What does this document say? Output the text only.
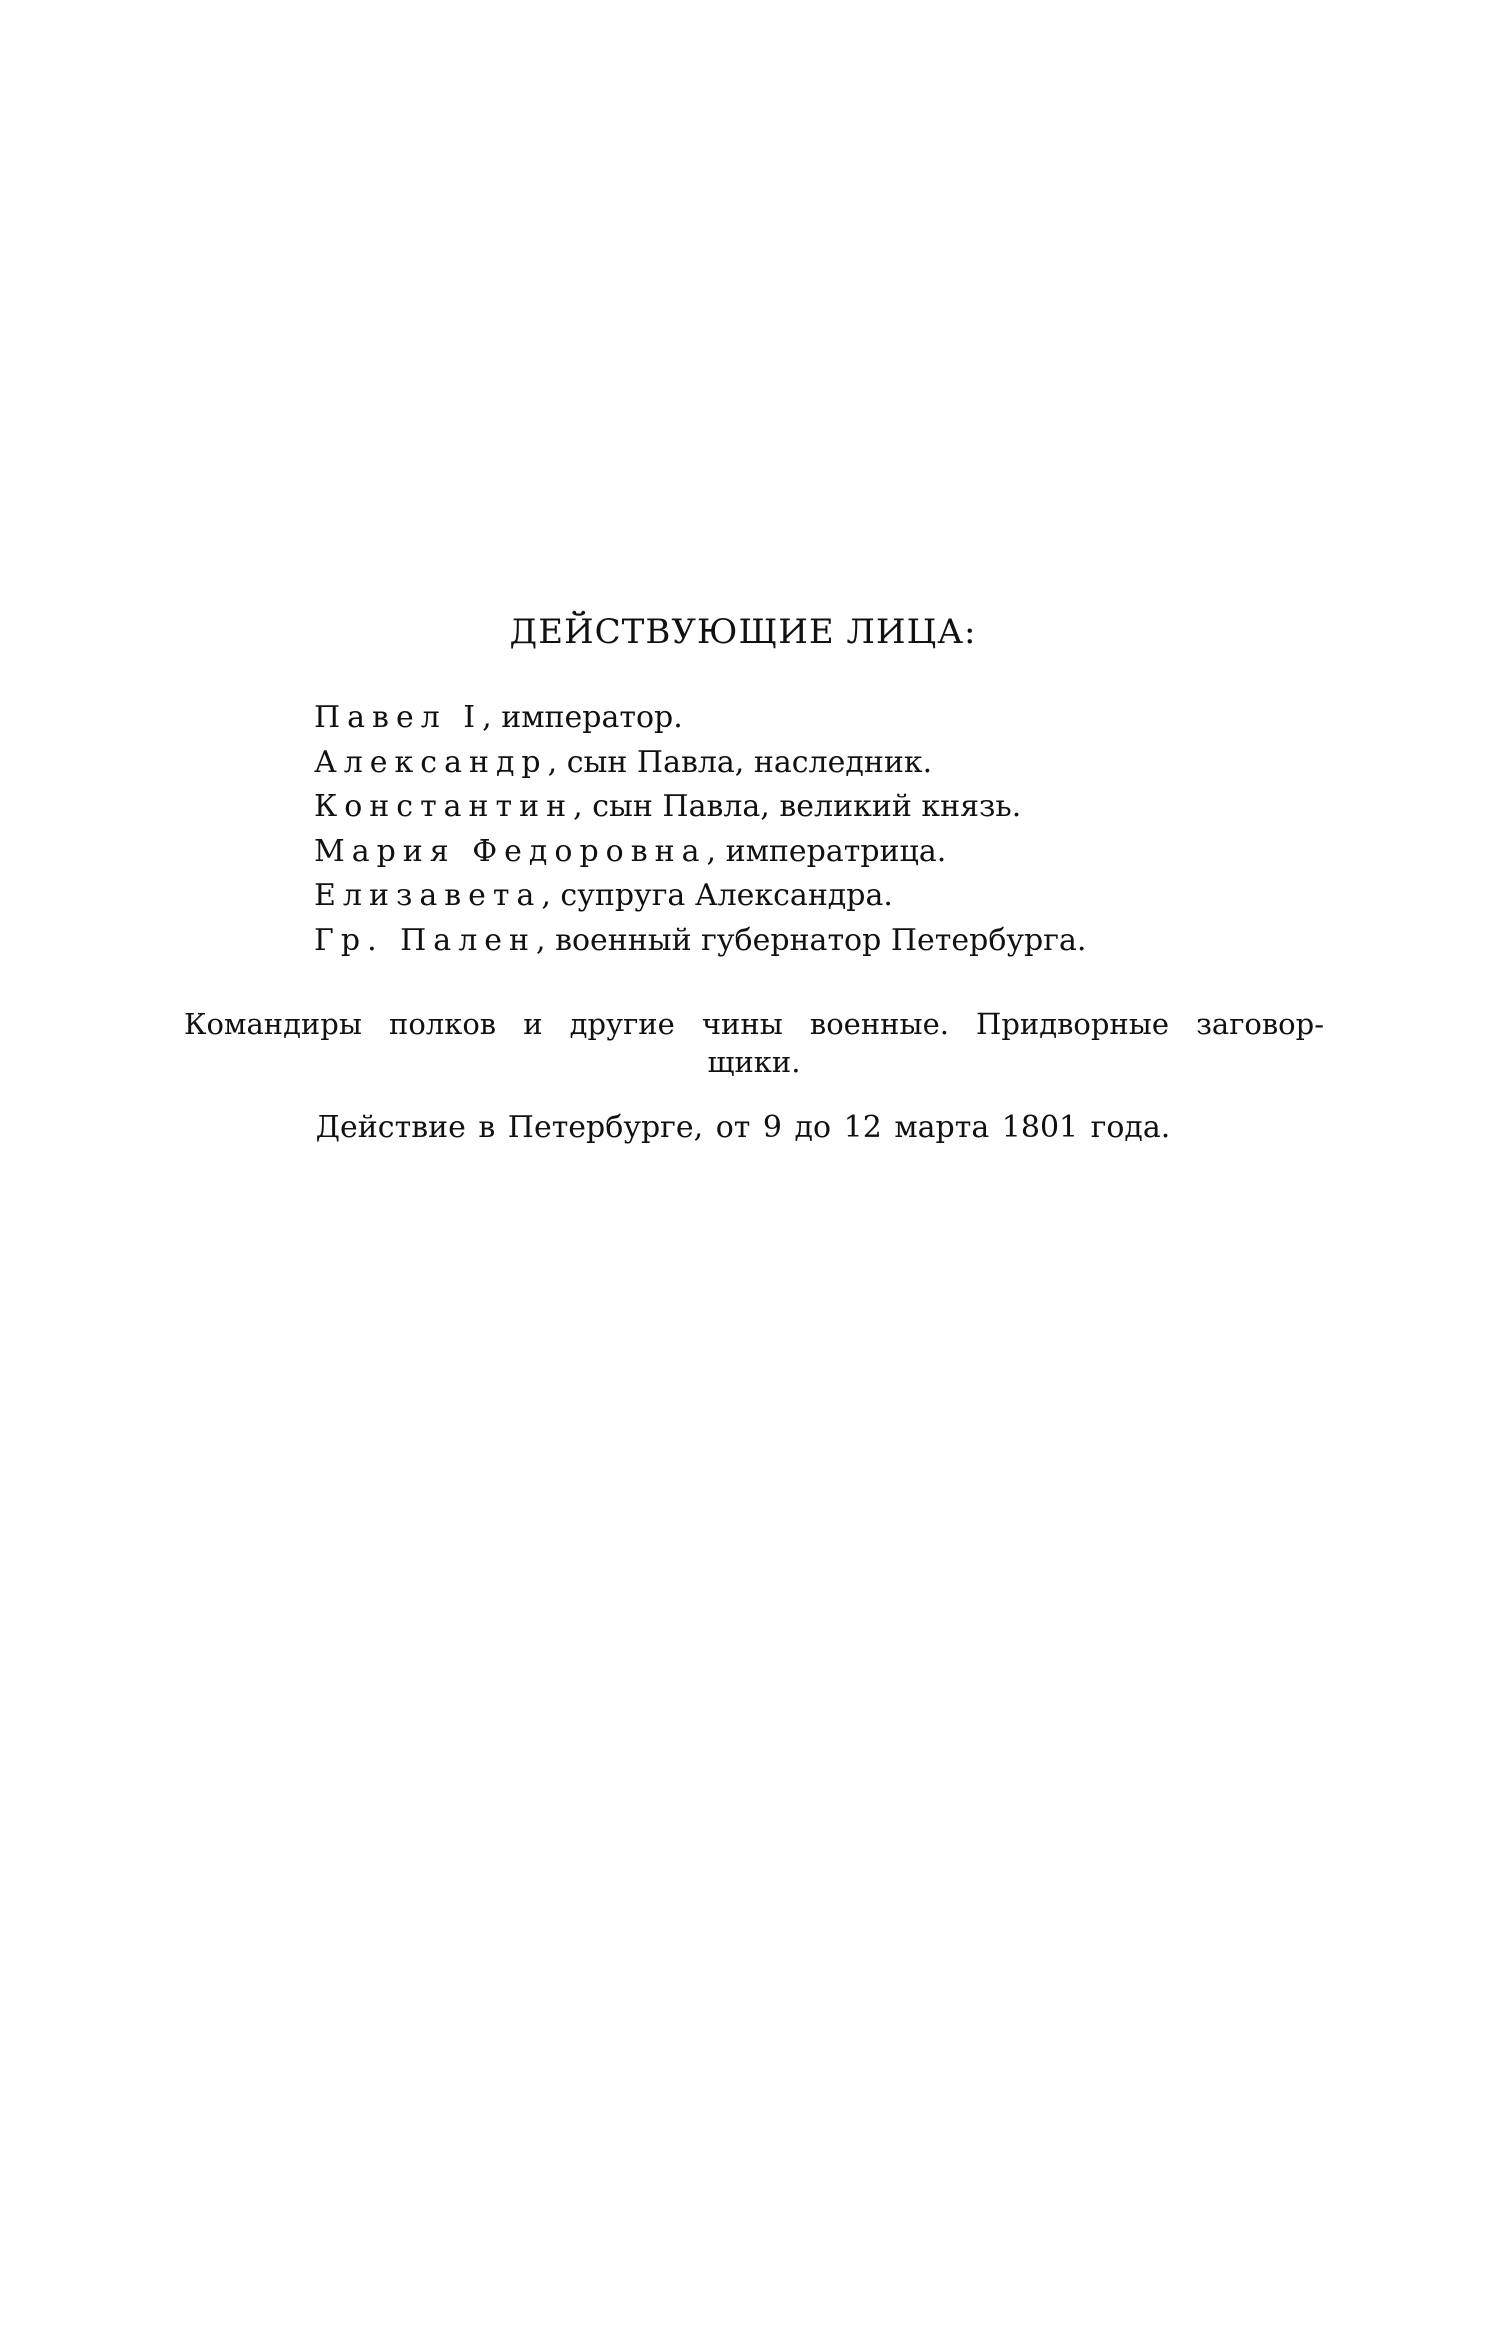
ДЕЙСТВУЮЩИЕ ЛИЦА:
Павел I, император.
Александр, сын Павла, наследник.
Константин, сын Павла, великий князь.
Мария Федоровна, императрица.
Елизавета, супруга Александра.
Гр. Пален, военный губернатор Петербурга.
Командиры полков и другие чины военные. Придворные заговор-
щики.
Действие в Петербурге, от 9 до 12 марта 1801 года.
